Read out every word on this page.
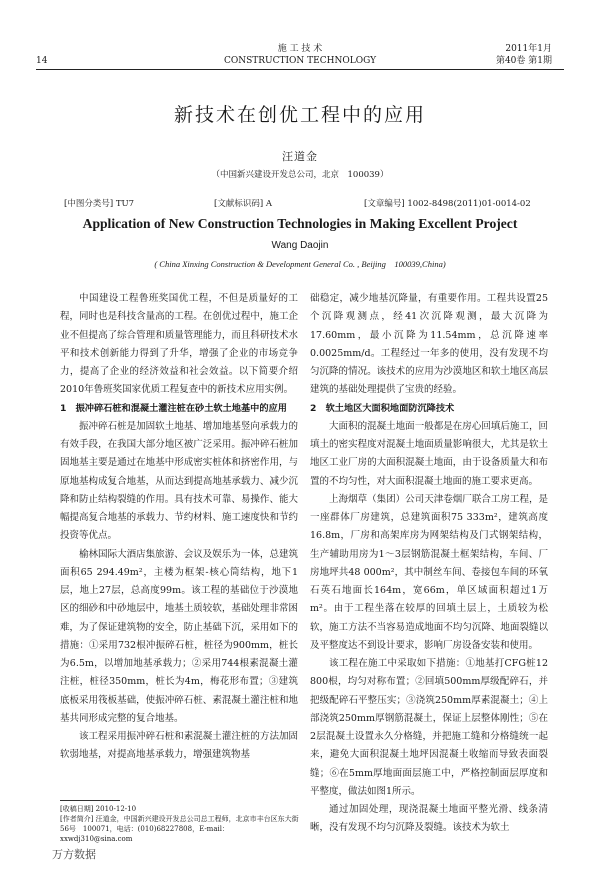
施 工 技 术
CONSTRUCTION TECHNOLOGY
14
2011年1月
第40卷 第1期
新技术在创优工程中的应用
汪道金
（中国新兴建设开发总公司，北京　100039）
[中图分类号] TU7	[文献标识码] A	[文章编号] 1002-8498(2011)01-0014-02
Application of New Construction Technologies in Making Excellent Project
Wang Daojin
( China Xinxing Construction & Development General Co. , Beijing　100039,China)

中国建设工程鲁班奖国优工程，不但是质量好的工程，同时也是科技含量高的工程。在创优过程中，施工企业不但提高了综合管理和质量管理能力，而且科研技术水平和技术创新能力得到了升华，增强了企业的市场竞争力，提高了企业的经济效益和社会效益。以下简要介绍2010年鲁班奖国家优质工程复查中的新技术应用实例。

1　振冲碎石桩和混凝土灌注桩在砂土软土地基中的应用

振冲碎石桩是加固软土地基、增加地基竖向承载力的有效手段，在我国大部分地区被广泛采用。振冲碎石桩加固地基主要是通过在地基中形成密实桩体和挤密作用，与原地基构成复合地基，从而达到提高地基承载力、减少沉降和防止结构裂缝的作用。具有技术可靠、易操作、能大幅提高复合地基的承载力、节约材料、施工速度快和节约投资等优点。

榆林国际大酒店集旅游、会议及娱乐为一体，总建筑面积65 294.49m²，主楼为框架-核心筒结构，地下1层，地上27层，总高度99m。该工程的基础位于沙漠地区的细砂和中砂地层中，地基土质较软，基础处理非常困难，为了保证建筑物的安全，防止基础下沉，采用如下的措施：①采用732根冲振碎石桩，桩径为900mm，桩长为6.5m，以增加地基承载力；②采用744根素混凝土灌注桩，桩径350mm，桩长为4m，梅花形布置；③建筑底板采用筏板基础，使振冲碎石桩、素混凝土灌注桩和地基共同形成完整的复合地基。

该工程采用振冲碎石桩和素混凝土灌注桩的方法加固软弱地基，对提高地基承载力，增强建筑物基

础稳定，减少地基沉降量，有重要作用。工程共设置25个沉降观测点，经41次沉降观测，最大沉降为17.60mm，最小沉降为11.54mm，总沉降速率0.0025mm/d。工程经过一年多的使用，没有发现不均匀沉降的情况。该技术的应用为沙漠地区和软土地区高层建筑的基础处理提供了宝贵的经验。

2　软土地区大面积地面防沉降技术

大面积的混凝土地面一般都是在房心回填后施工，回填土的密实程度对混凝土地面质量影响很大，尤其是软土地区工业厂房的大面积混凝土地面，由于设备质量大和布置的不均匀性，对大面积混凝土地面的施工要求更高。

上海烟草（集团）公司天津卷烟厂联合工房工程，是一座群体厂房建筑，总建筑面积75 333m²，建筑高度16.8m，厂房和高架库房为网架结构及门式钢架结构，生产辅助用房为1～3层钢筋混凝土框架结构，车间、厂房地坪共48 000m²，其中制丝车间、卷接包车间的环氧石英石地面长164m，宽66m，单区域面积超过1万m²。由于工程坐落在较厚的回填土层上，土质较为松软，施工方法不当容易造成地面不均匀沉降、地面裂缝以及平整度达不到设计要求，影响厂房设备安装和使用。

该工程在施工中采取如下措施：①地基打CFG桩12 800根，均匀对称布置；②回填500mm厚级配碎石，并把级配碎石平整压实；③浇筑250mm厚素混凝土；④上部浇筑250mm厚钢筋混凝土，保证上层整体刚性；⑤在2层混凝土设置永久分格缝，并把施工缝和分格缝统一起来，避免大面积混凝土地坪因混凝土收缩而导致表面裂缝；⑥在5mm厚地面面层施工中，严格控制面层厚度和平整度，做法如图1所示。

通过加固处理，现浇混凝土地面平整光滑、线条清晰，没有发现不均匀沉降及裂缝。该技术为软土

[收稿日期] 2010-12-10
[作者简介] 汪道金，中国新兴建设开发总公司总工程师，北京市丰台区东大街56号　100071，电话：(010)68227808，E-mail：xxwdj310@sina.com
万方数据
